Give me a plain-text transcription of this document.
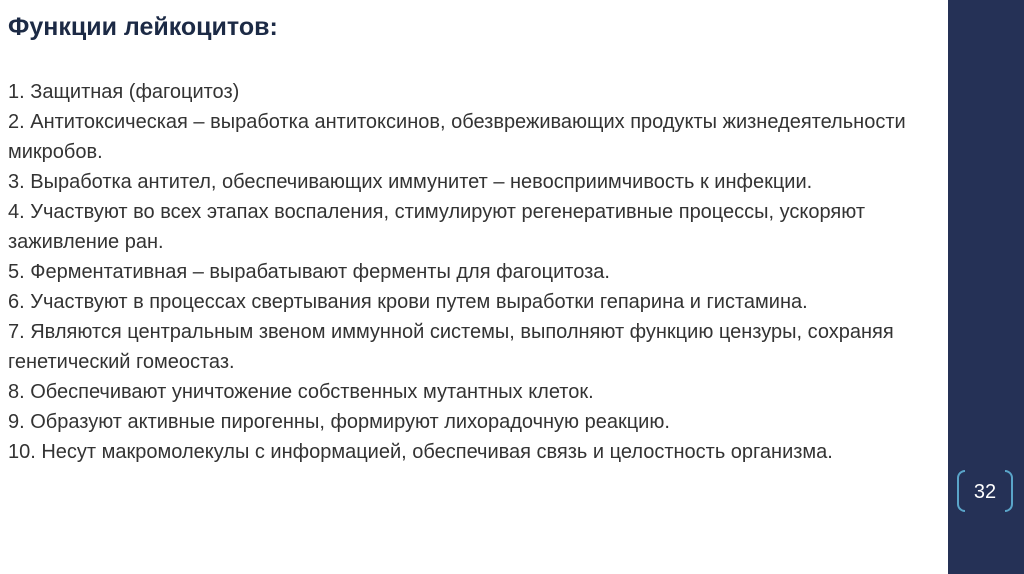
Функции лейкоцитов:
1. Защитная (фагоцитоз)
2. Антитоксическая – выработка антитоксинов, обезвреживающих продукты жизнедеятельности микробов.
3. Выработка антител, обеспечивающих иммунитет – невосприимчивость к инфекции.
4. Участвуют во всех этапах воспаления, стимулируют регенеративные процессы, ускоряют заживление ран.
5. Ферментативная – вырабатывают ферменты для фагоцитоза.
6. Участвуют в процессах свертывания крови путем выработки гепарина и гистамина.
7. Являются центральным звеном иммунной системы, выполняют функцию цензуры, сохраняя генетический гомеостаз.
8. Обеспечивают уничтожение собственных мутантных клеток.
9. Образуют активные пирогенны, формируют лихорадочную реакцию.
10. Несут макромолекулы с информацией, обеспечивая связь и целостность организма.
32
